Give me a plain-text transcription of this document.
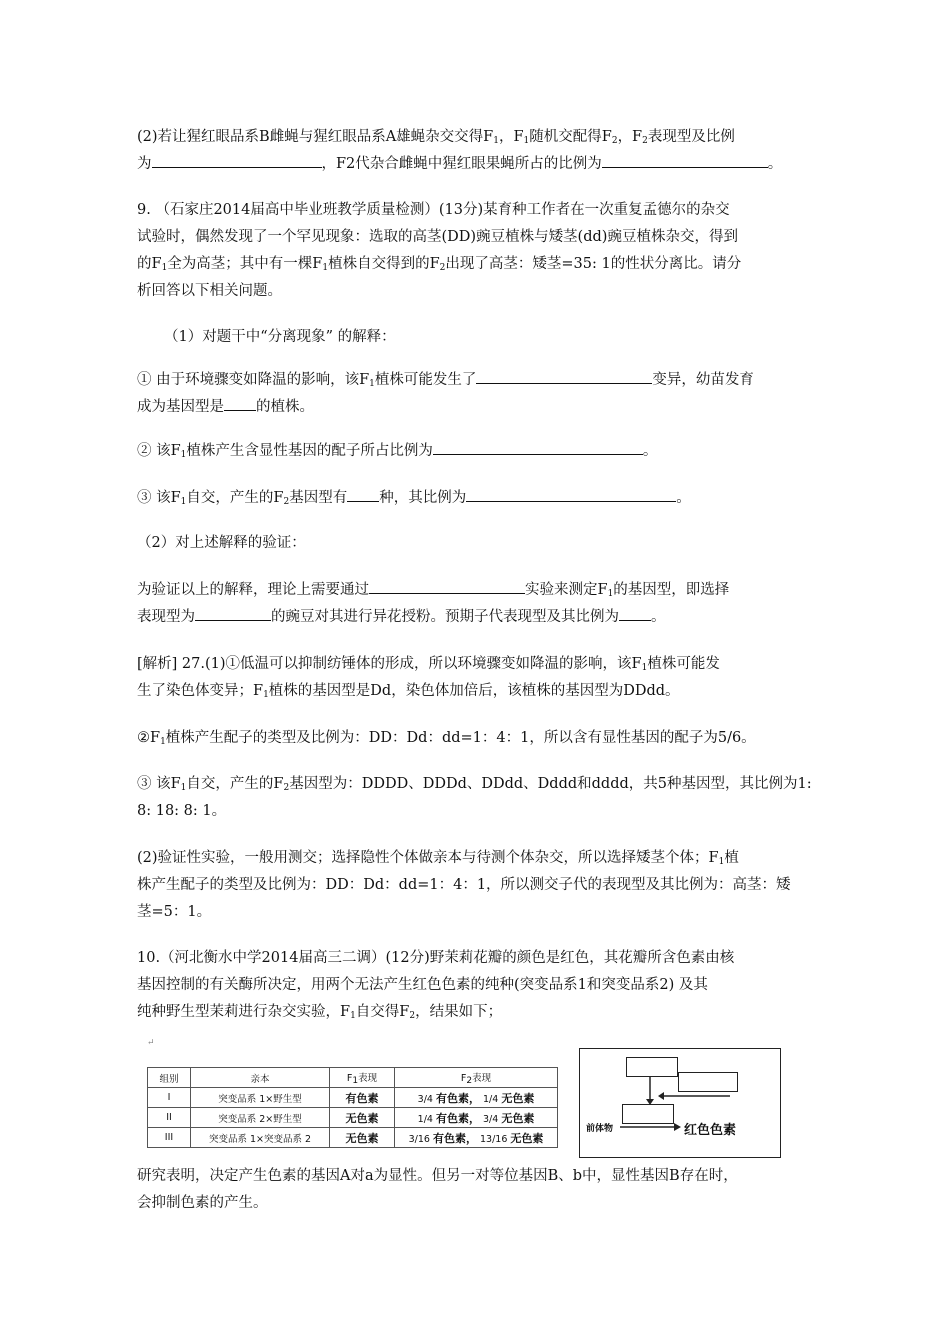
(2)若让猩红眼品系B雌蝇与猩红眼品系A雄蝇杂交交得$F_1$，$F_1$随机交配得$F_2$，$F_2$表现型及比例
为	，F2代杂合雌蝇中猩红眼果蝇所占的比例为	。
9. （石家庄2014届高中毕业班教学质量检测）(13分)某育种工作者在一次重复孟德尔的杂交
试验时，偶然发现了一个罕见现象：选取的高茎(DD)豌豆植株与矮茎(dd)豌豆植株杂交，得到
的$F_1$全为高茎；其中有一棵$F_1$植株自交得到的$F_2$出现了高茎：矮茎=35: 1的性状分离比。请分
析回答以下相关问题。
（1）对题干中“分离现象” 的解释：
① 由于环境骤变如降温的影响，该$F_1$植株可能发生了	变异，幼苗发育
成为基因型是 的植株。
② 该$F_1$植株产生含显性基因的配子所占比例为	。
③ 该$F_1$自交，产生的$F_2$基因型有 种，其比例为	。
（2）对上述解释的验证：
为验证以上的解释，理论上需要通过	实验来测定$F_1$的基因型，即选择
表现型为	的豌豆对其进行异花授粉。预期子代表现型及其比例为 。
[解析] 27.(1)①低温可以抑制纺锤体的形成，所以环境骤变如降温的影响，该$F_1$植株可能发
生了染色体变异；$F_1$植株的基因型是Dd，染色体加倍后，该植株的基因型为DDdd。
$②F_1$植株产生配子的类型及比例为：DD：Dd：dd=1：4：1，所以含有显性基因的配子为5/6。
③ 该$F_1$自交，产生的$F_2$基因型为：DDDD、DDDd、DDdd、Dddd和dddd，共5种基因型，其比例为1:
8: 18: 8: 1。
(2)验证性实验，一般用测交；选择隐性个体做亲本与待测个体杂交，所以选择矮茎个体；$F_1$植
株产生配子的类型及比例为：DD：Dd：dd=1：4：1，所以测交子代的表现型及其比例为：高茎：矮
茎=5：1。
10.（河北衡水中学2014届高三二调）(12分)野茉莉花瓣的颜色是红色，其花瓣所含色素由核
基因控制的有关酶所决定，用两个无法产生红色色素的纯种(突变品系1和突变品系2) 及其
纯种野生型茉莉进行杂交实验，$F_1$自交得$F_2$，结果如下；
↵
组别	亲本	$F_1$表现	$F_2$表现
I	突变品系 1×野生型	有色素	3/4 有色素， 1/4 无色素
II	突变品系 2×野生型	无色素	1/4 有色素， 3/4 无色素
III	突变品系 1×突变品系 2	无色素	3/16 有色素， 13/16 无色素
前体物	红色色素
研究表明，决定产生色素的基因A对a为显性。但另一对等位基因B、b中，显性基因B存在时，
会抑制色素的产生。
